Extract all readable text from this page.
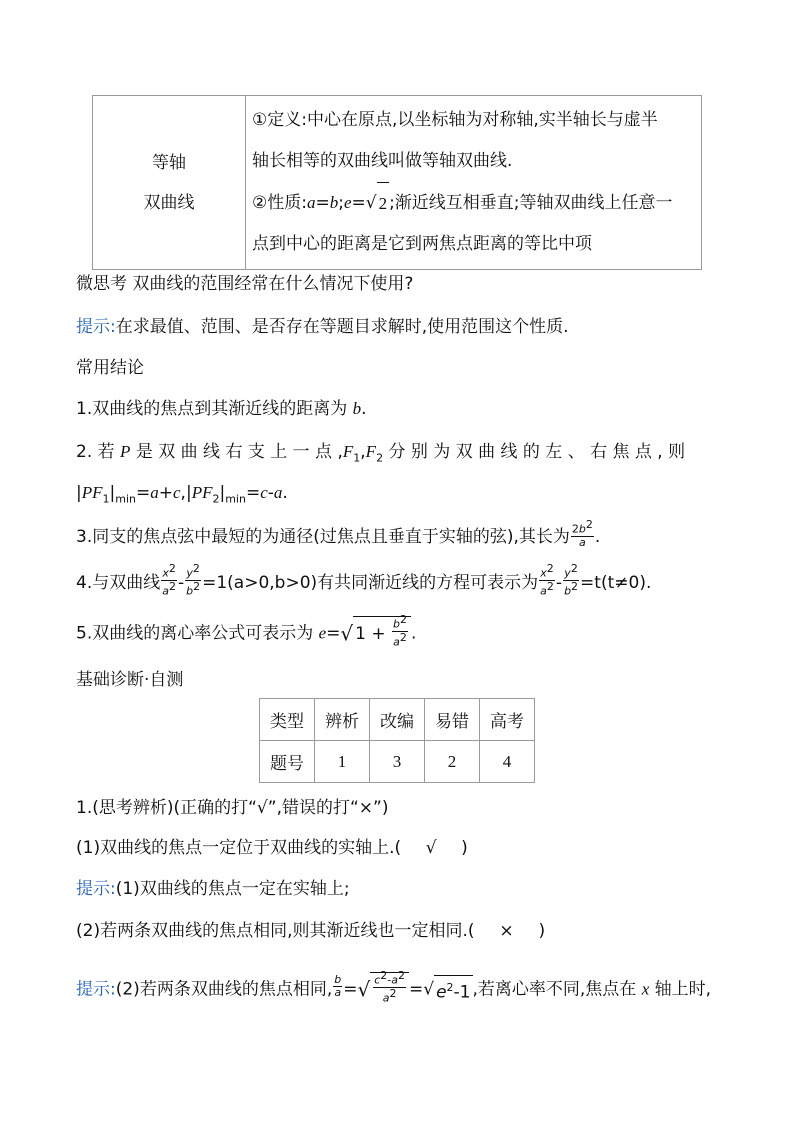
等轴
双曲线

①定义:中心在原点,以坐标轴为对称轴,实半轴长与虚半
轴长相等的双曲线叫做等轴双曲线.
②性质:a=b;e=√ 2 ;渐近线互相垂直;等轴双曲线上任意一
点到中心的距离是它到两焦点距离的等比中项
微思考 双曲线的范围经常在什么情况下使用?
提示:在求最值、范围、是否存在等题目求解时,使用范围这个性质.
常用结论
1.双曲线的焦点到其渐近线的距离为 b.
2. 若 P 是 双 曲 线 右 支 上 一 点 $,F_1,F_2$ 分 别 为 双 曲 线 的 左 、 右 焦 点 , 则
$|PF_1|_{min}=a+c,|PF_2|_{min}=c-a$.
3.同支的焦点弦中最短的为通径(过焦点且垂直于实轴的弦),其长为 $\frac{2b^2}{a}$ .
4.与双曲线 $\frac{x^2}{a^2} - \frac{y^2}{b^2} =1(a>0,b>0)$有共同渐近线的方程可表示为 $\frac{x^2}{a^2} - \frac{y^2}{b^2} =t(t\ne 0)$.
5.双曲线的离心率公式可表示为 e=√ $1 + \frac{b^2}{a^2}$ .
基础诊断·自测
类型	辨析	改编	易错	高考
题号	1	3	2	4
1.(思考辨析)(正确的打“√”,错误的打“×”)
(1)双曲线的焦点一定位于双曲线的实轴上.( √ )
提示:(1)双曲线的焦点一定在实轴上;
(2)若两条双曲线的焦点相同,则其渐近线也一定相同.( × )
提示:(2)若两条双曲线的焦点相同, $\frac{b}{a}$ =√ $\frac{c^2-a^2}{a^2}$ =√ $e^2-1$ ,若离心率不同,焦点在 x 轴上时,
